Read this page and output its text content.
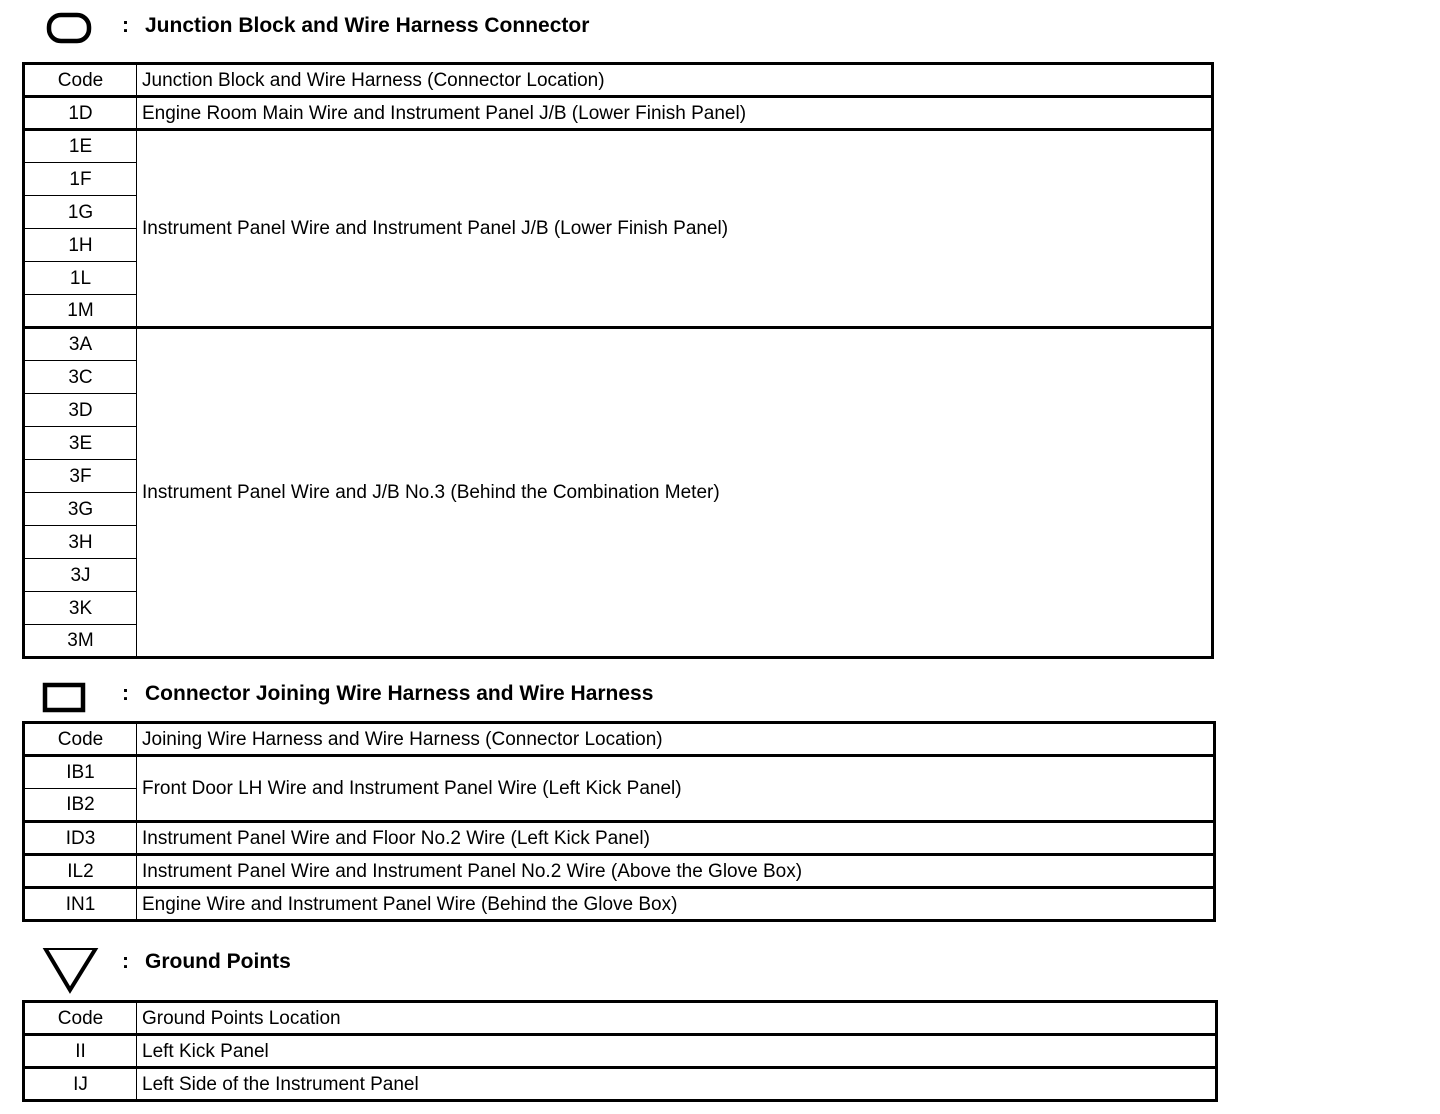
: Junction Block and Wire Harness Connector
Code	Junction Block and Wire Harness (Connector Location)
1D	Engine Room Main Wire and Instrument Panel J/B (Lower Finish Panel)
1E	Instrument Panel Wire and Instrument Panel J/B (Lower Finish Panel)
1F	
1G	
1H	
1L	
1M	
3A	Instrument Panel Wire and J/B No.3 (Behind the Combination Meter)
3C	
3D	
3E	
3F	
3G	
3H	
3J	
3K	
3M	
: Connector Joining Wire Harness and Wire Harness
Code	Joining Wire Harness and Wire Harness (Connector Location)
IB1	Front Door LH Wire and Instrument Panel Wire (Left Kick Panel)
IB2	
ID3	Instrument Panel Wire and Floor No.2 Wire (Left Kick Panel)
IL2	Instrument Panel Wire and Instrument Panel No.2 Wire (Above the Glove Box)
IN1	Engine Wire and Instrument Panel Wire (Behind the Glove Box)
: Ground Points
Code	Ground Points Location
II	Left Kick Panel
IJ	Left Side of the Instrument Panel
